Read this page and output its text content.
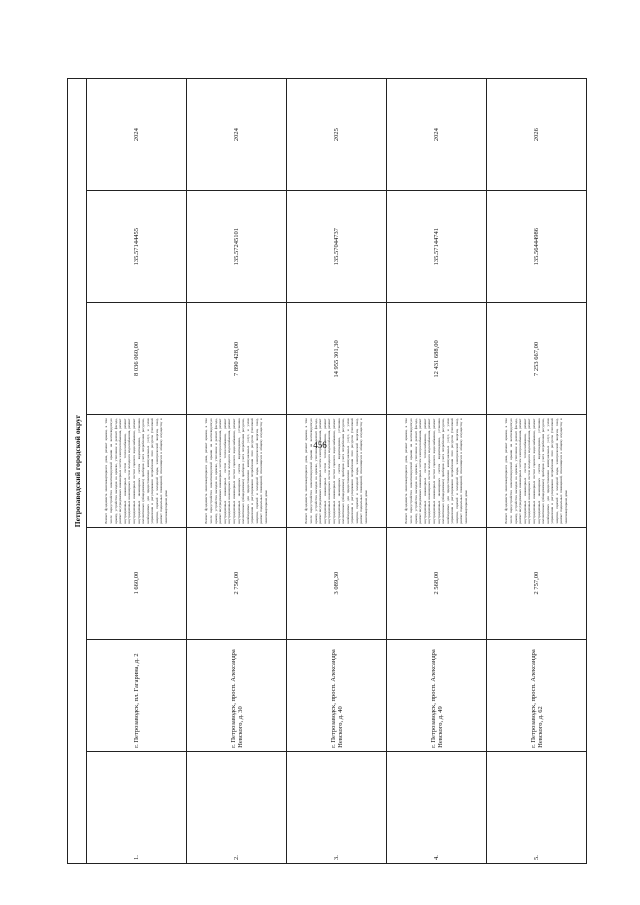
456
Петрозаводский городской округ						
1.	г. Петрозаводск, пл. Гагарина, д. 2	1 660,00	Ремонт фундамента многоквартирного дома, ремонт крыши, в том числе переустройство невентилируемой крыши на вентилируемую крышу, устройство выходов на кровлю, утепление и ремонт фасада, ремонт внутридомовых инженерных систем электроснабжения, ремонт внутридомовых инженерных систем теплоснабжения, ремонт внутридомовых инженерных систем холодного водоснабжения, ремонт внутридомовых инженерных систем горячего водоснабжения, ремонт внутридомовых инженерных систем водоотведения, установка коллективных (общедомовых) приборов учета потребления ресурсов, необходимых для предоставления коммунальных услуг, и узлов управления и регулирования потребления этих ресурсов (тепловой энергии, горячей и холодной воды, электрической энергии, газа), ремонт подвальных помещений, относящихся к общему имуществу в многоквартирном доме	8 036 060,00	135.57144455	2024
2.	г. Петрозаводск, просп. Александра Невского, д. 30	2 756,00	Ремонт фундамента многоквартирного дома, ремонт крыши, в том числе переустройство невентилируемой крыши на вентилируемую крышу, устройство выходов на кровлю, утепление и ремонт фасада, ремонт внутридомовых инженерных систем электроснабжения, ремонт внутридомовых инженерных систем теплоснабжения, ремонт внутридомовых инженерных систем холодного водоснабжения, ремонт внутридомовых инженерных систем горячего водоснабжения, ремонт внутридомовых инженерных систем водоотведения, установка коллективных (общедомовых) приборов учета потребления ресурсов, необходимых для предоставления коммунальных услуг, и узлов управления и регулирования потребления этих ресурсов (тепловой энергии, горячей и холодной воды, электрической энергии, газа), ремонт подвальных помещений, относящихся к общему имуществу в многоквартирном доме	7 890 428,00	135.57245101	2024
3.	г. Петрозаводск, просп. Александра Невского, д. 40	3 089,30	Ремонт фундамента многоквартирного дома, ремонт крыши, в том числе переустройство невентилируемой крыши на вентилируемую крышу, устройство выходов на кровлю, утепление и ремонт фасада, ремонт внутридомовых инженерных систем электроснабжения, ремонт внутридомовых инженерных систем теплоснабжения, ремонт внутридомовых инженерных систем холодного водоснабжения, ремонт внутридомовых инженерных систем горячего водоснабжения, ремонт внутридомовых инженерных систем водоотведения, установка коллективных (общедомовых) приборов учета потребления ресурсов, необходимых для предоставления коммунальных услуг, и узлов управления и регулирования потребления этих ресурсов (тепловой энергии, горячей и холодной воды, электрической энергии, газа), ремонт подвальных помещений, относящихся к общему имуществу в многоквартирном доме	14 955 301,30	135.57044737	2025
4.	г. Петрозаводск, просп. Александра Невского, д. 49	2 568,00	Ремонт фундамента многоквартирного дома, ремонт крыши, в том числе переустройство невентилируемой крыши на вентилируемую крышу, устройство выходов на кровлю, утепление и ремонт фасада, ремонт внутридомовых инженерных систем электроснабжения, ремонт внутридомовых инженерных систем теплоснабжения, ремонт внутридомовых инженерных систем холодного водоснабжения, ремонт внутридомовых инженерных систем горячего водоснабжения, ремонт внутридомовых инженерных систем водоотведения, установка коллективных (общедомовых) приборов учета потребления ресурсов, необходимых для предоставления коммунальных услуг, и узлов управления и регулирования потребления этих ресурсов (тепловой энергии, горячей и холодной воды, электрической энергии, газа), ремонт подвальных помещений, относящихся к общему имуществу в многоквартирном доме	12 431 688,00	135.57144741	2024
5.	г. Петрозаводск, просп. Александра Невского, д. 62	2 757,00	Ремонт фундамента многоквартирного дома, ремонт крыши, в том числе переустройство невентилируемой крыши на вентилируемую крышу, устройство выходов на кровлю, утепление и ремонт фасада, ремонт внутридомовых инженерных систем электроснабжения, ремонт внутридомовых инженерных систем теплоснабжения, ремонт внутридомовых инженерных систем холодного водоснабжения, ремонт внутридомовых инженерных систем горячего водоснабжения, ремонт внутридомовых инженерных систем водоотведения, установка коллективных (общедомовых) приборов учета потребления ресурсов, необходимых для предоставления коммунальных услуг, и узлов управления и регулирования потребления этих ресурсов (тепловой энергии, горячей и холодной воды, электрической энергии, газа), ремонт подвальных помещений, относящихся к общему имуществу в многоквартирном доме	7 253 667,00	135.56444986	2026
